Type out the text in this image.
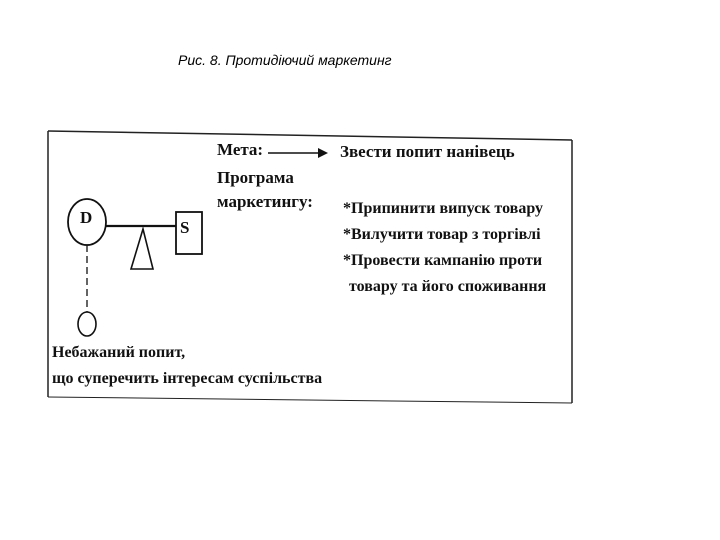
Рис. 8. Протидіючий маркетинг
Мета:	Звести попит нанівець
Програма
маркетингу: *Припинити випуск товару
*Вилучити товар з торгівлі
*Провести кампанію проти
товару та його споживання
D
S
Небажаний попит,
що суперечить інтересам суспільства
